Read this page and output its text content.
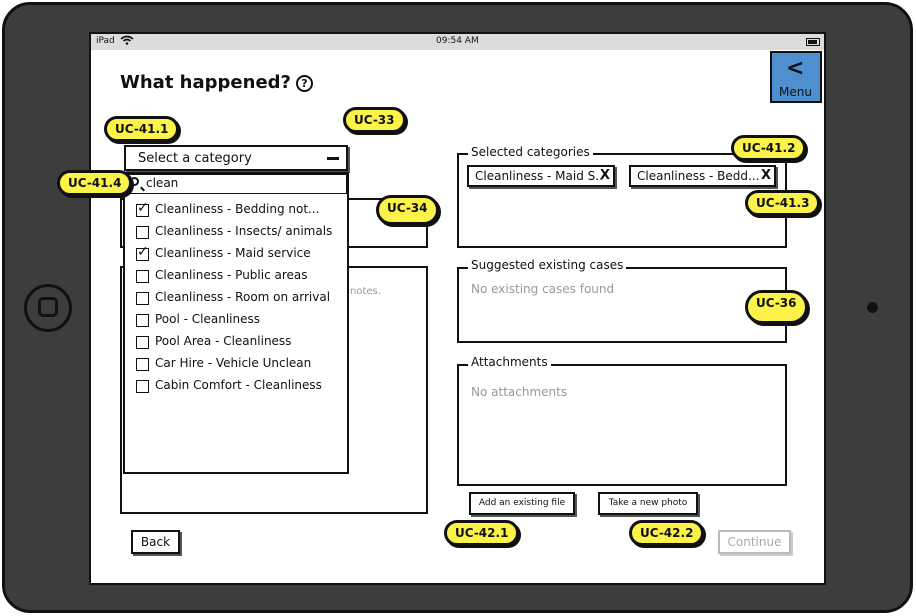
iPad	09:54 AM
What happened? ?
<
Menu
notes.
Select a category
clean
✓
Cleanliness - Bedding not...
Cleanliness - Insects/ animals
✓
Cleanliness - Maid service
Cleanliness - Public areas
Cleanliness - Room on arrival
Pool - Cleanliness
Pool Area - Cleanliness
Car Hire - Vehicle Unclean
Cabin Comfort - Cleanliness
Selected categories
Cleanliness - Maid S..
X	Cleanliness - Bedd... X
Suggested existing cases
No existing cases found
Attachments
No attachments
Add an existing file	Take a new photo
Back	Continue
UC-41.1
UC-33
UC-41.4
UC-34
UC-41.2
UC-41.3
UC-36
UC-42.1	UC-42.2
